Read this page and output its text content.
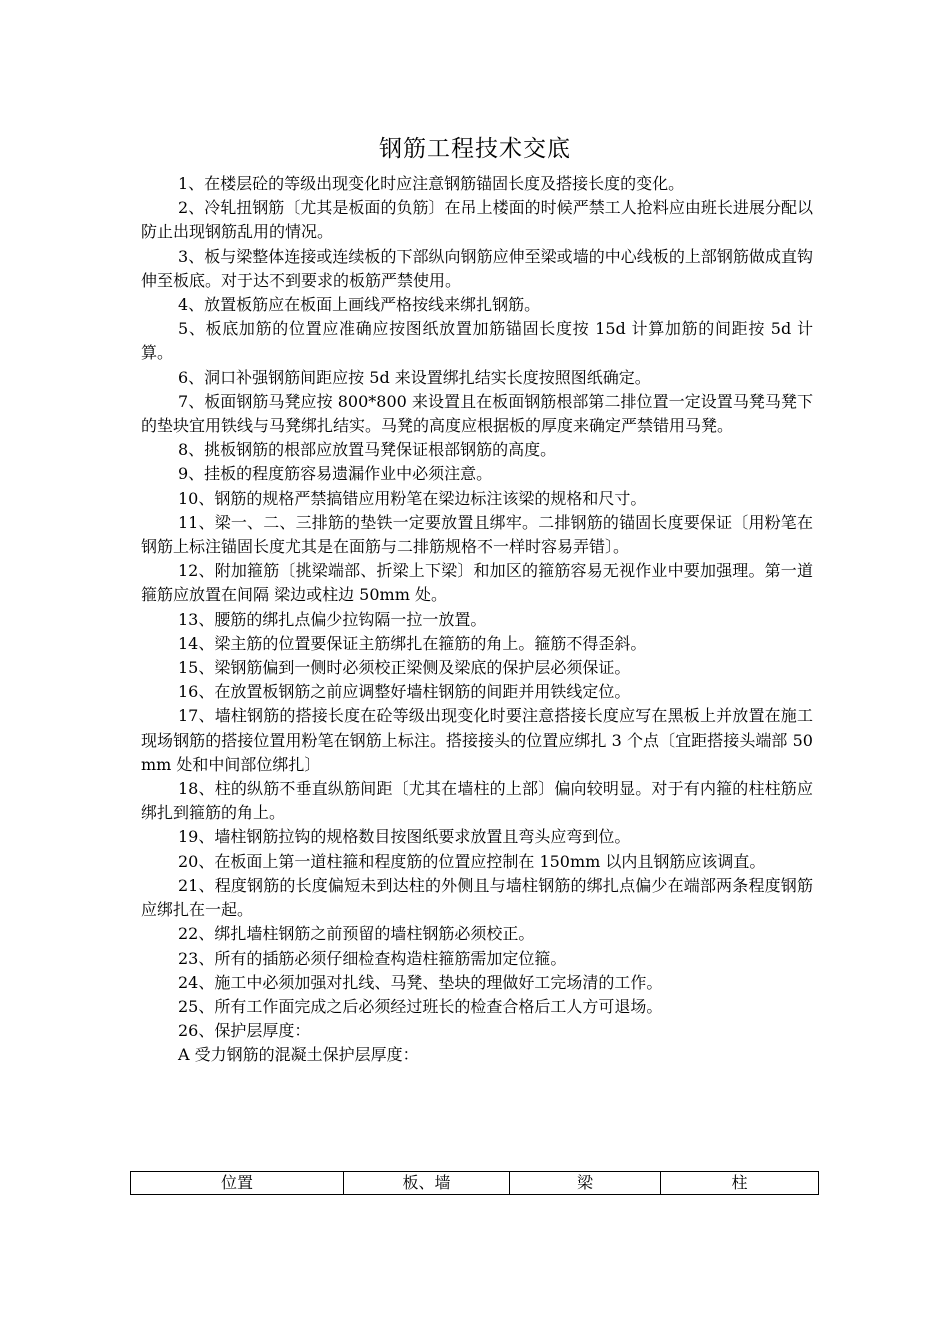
钢筋工程技术交底

1、在楼层砼的等级出现变化时应注意钢筋锚固长度及搭接长度的变化。

2、冷轧扭钢筋〔尤其是板面的负筋〕在吊上楼面的时候严禁工人抢料应由班长进展分配以防止出现钢筋乱用的情况。

3、板与梁整体连接或连续板的下部纵向钢筋应伸至梁或墙的中心线板的上部钢筋做成直钩伸至板底。对于达不到要求的板筋严禁使用。

4、放置板筋应在板面上画线严格按线来绑扎钢筋。

5、板底加筋的位置应准确应按图纸放置加筋锚固长度按 15d 计算加筋的间距按 5d 计算。

6、洞口补强钢筋间距应按 5d 来设置绑扎结实长度按照图纸确定。

7、板面钢筋马凳应按 800*800 来设置且在板面钢筋根部第二排位置一定设置马凳马凳下的垫块宜用铁线与马凳绑扎结实。马凳的高度应根据板的厚度来确定严禁错用马凳。

8、挑板钢筋的根部应放置马凳保证根部钢筋的高度。

9、挂板的程度筋容易遗漏作业中必须注意。

10、钢筋的规格严禁搞错应用粉笔在梁边标注该梁的规格和尺寸。

11、梁一、二、三排筋的垫铁一定要放置且绑牢。二排钢筋的锚固长度要保证〔用粉笔在钢筋上标注锚固长度尤其是在面筋与二排筋规格不一样时容易弄错〕。

12、附加箍筋〔挑梁端部、折梁上下梁〕和加区的箍筋容易无视作业中要加强理。第一道箍筋应放置在间隔 梁边或柱边 50mm 处。

13、腰筋的绑扎点偏少拉钩隔一拉一放置。

14、梁主筋的位置要保证主筋绑扎在箍筋的角上。箍筋不得歪斜。

15、梁钢筋偏到一侧时必须校正梁侧及梁底的保护层必须保证。

16、在放置板钢筋之前应调整好墙柱钢筋的间距并用铁线定位。

17、墙柱钢筋的搭接长度在砼等级出现变化时要注意搭接长度应写在黑板上并放置在施工现场钢筋的搭接位置用粉笔在钢筋上标注。搭接接头的位置应绑扎 3 个点〔宜距搭接头端部 50mm 处和中间部位绑扎〕

18、柱的纵筋不垂直纵筋间距〔尤其在墙柱的上部〕偏向较明显。对于有内箍的柱柱筋应绑扎到箍筋的角上。

19、墙柱钢筋拉钩的规格数目按图纸要求放置且弯头应弯到位。

20、在板面上第一道柱箍和程度筋的位置应控制在 150mm 以内且钢筋应该调直。

21、程度钢筋的长度偏短未到达柱的外侧且与墙柱钢筋的绑扎点偏少在端部两条程度钢筋应绑扎在一起。

22、绑扎墙柱钢筋之前预留的墙柱钢筋必须校正。

23、所有的插筋必须仔细检查构造柱箍筋需加定位箍。

24、施工中必须加强对扎线、马凳、垫块的理做好工完场清的工作。

25、所有工作面完成之后必须经过班长的检查合格后工人方可退场。

26、保护层厚度：

A 受力钢筋的混凝土保护层厚度：

位置	板、墙	梁	柱
